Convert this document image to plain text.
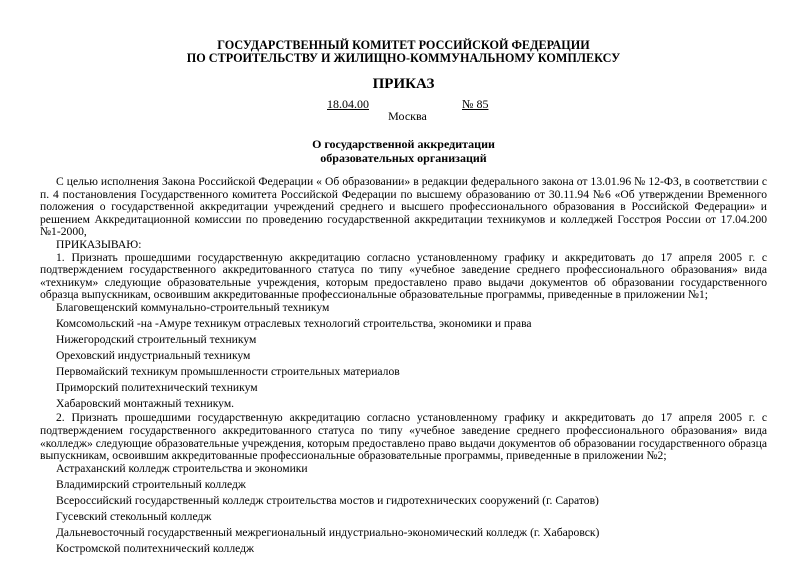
ГОСУДАРСТВЕННЫЙ КОМИТЕТ РОССИЙСКОЙ ФЕДЕРАЦИИ
ПО СТРОИТЕЛЬСТВУ И ЖИЛИЩНО-КОММУНАЛЬНОМУ КОМПЛЕКСУ
ПРИКАЗ
18.04.00	№ 85
Москва
О государственной аккредитации
образовательных организаций

С целью исполнения Закона Российской Федерации « Об образовании» в редакции федерального закона от 13.01.96 № 12-ФЗ, в соответствии с п. 4 постановления Государственного комитета Российской Федерации по высшему образованию от 30.11.94 №6 «Об утверждении Временного положения о государственной аккредитации учреждений среднего и высшего профессионального образования в Российской Федерации» и решением Аккредитационной комиссии по проведению государственной аккредитации техникумов и колледжей Госстроя России от 17.04.200 №1-2000,

ПРИКАЗЫВАЮ:

1. Признать прошедшими государственную аккредитацию согласно установленному графику и аккредитовать до 17 апреля 2005 г. с подтверждением государственного аккредитованного статуса по типу «учебное заведение среднего профессионального образования» вида «техникум» следующие образовательные учреждения, которым предоставлено право выдачи документов об образовании государственного образца выпускникам, освоившим аккредитованные профессиональные образовательные программы, приведенные в приложении №1;

Благовещенский коммунально-строительный техникум

Комсомольский -на -Амуре техникум отраслевых технологий строительства, экономики и права

Нижегородский строительный техникум

Ореховский индустриальный техникум

Первомайский техникум промышленности строительных материалов

Приморский политехнический техникум

Хабаровский монтажный техникум.

2. Признать прошедшими государственную аккредитацию согласно установленному графику и аккредитовать до 17 апреля 2005 г. с подтверждением государственного аккредитованного статуса по типу «учебное заведение среднего профессионального образования» вида «колледж» следующие образовательные учреждения, которым предоставлено право выдачи документов об образовании государственного образца выпускникам, освоившим аккредитованные профессиональные образовательные программы, приведенные в приложении №2;

Астраханский колледж строительства и экономики

Владимирский строительный колледж

Всероссийский государственный колледж строительства мостов и гидротехнических сооружений (г. Саратов)

Гусевский стекольный колледж

Дальневосточный государственный межрегиональный индустриально-экономический колледж (г. Хабаровск)

Костромской политехнический колледж
